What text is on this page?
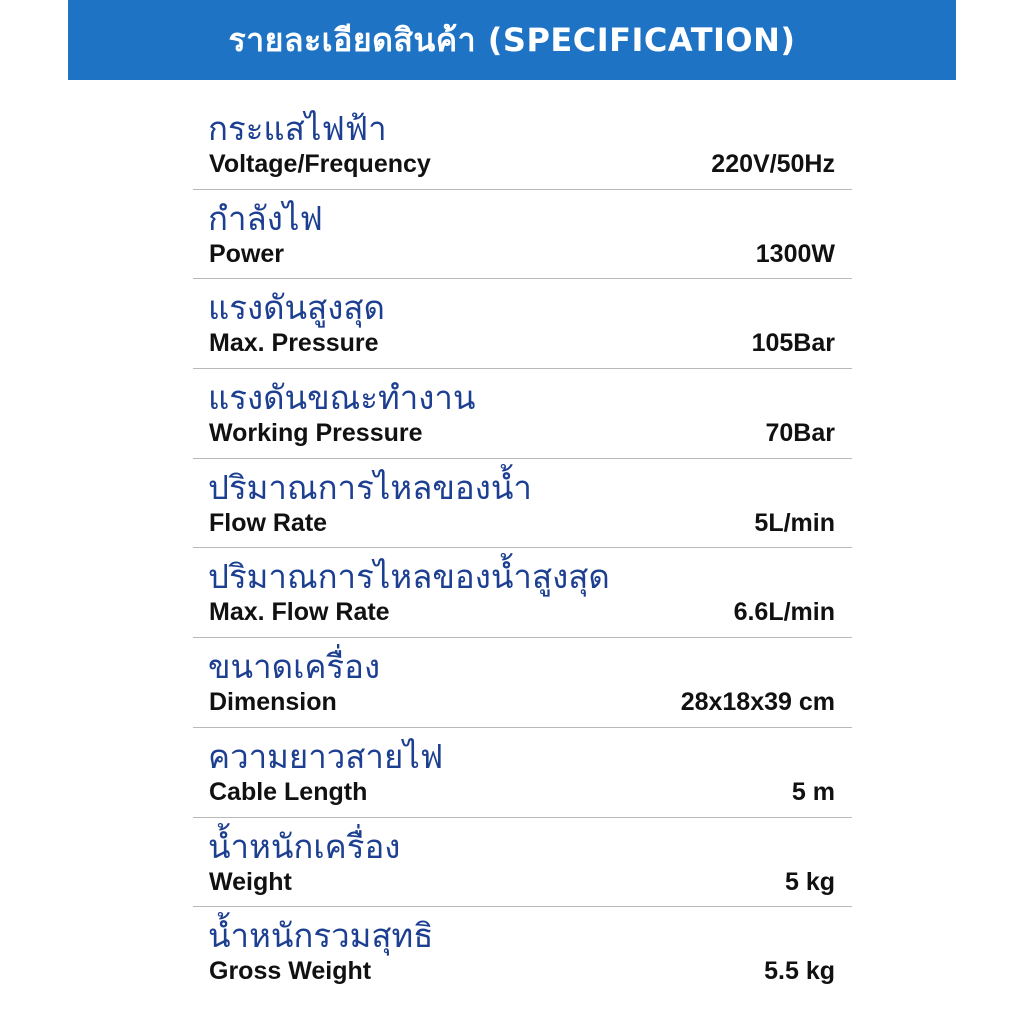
รายละเอียดสินค้า (SPECIFICATION)
กระแสไฟฟ้า
Voltage/Frequency	220V/50Hz
กำลังไฟ
Power	1300W
แรงดันสูงสุด
Max. Pressure	105Bar
แรงดันขณะทำงาน
Working Pressure	70Bar
ปริมาณการไหลของน้ำ
Flow Rate	5L/min
ปริมาณการไหลของน้ำสูงสุด
Max. Flow Rate	6.6L/min
ขนาดเครื่อง
Dimension	28x18x39 cm
ความยาวสายไฟ
Cable Length	5 m
น้ำหนักเครื่อง
Weight	5 kg
น้ำหนักรวมสุทธิ
Gross Weight	5.5 kg
